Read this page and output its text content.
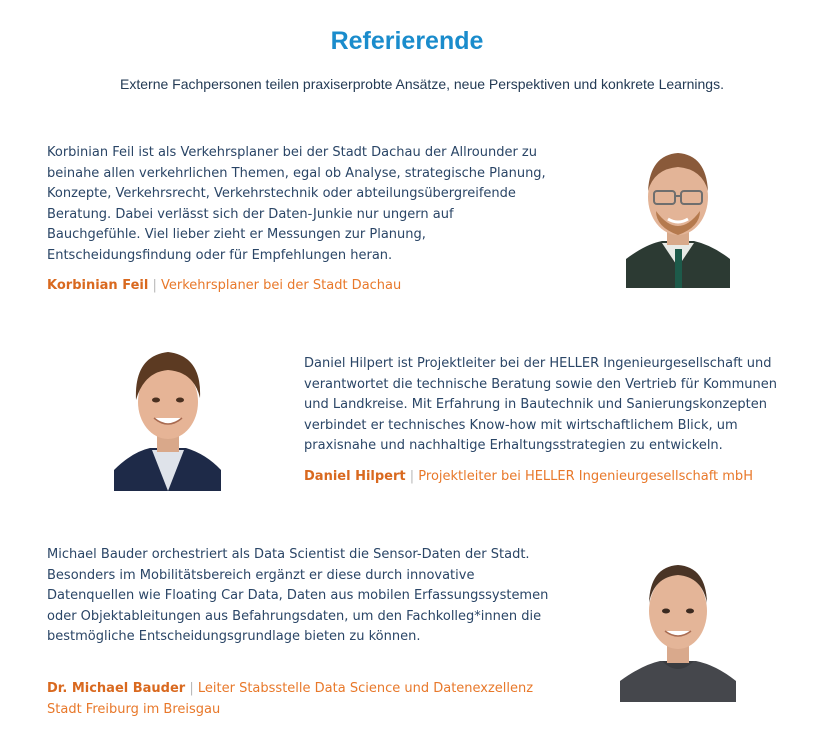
Referierende

Externe Fachpersonen teilen praxiserprobte Ansätze, neue Perspektiven und konkrete Learnings.

Korbinian Feil ist als Verkehrsplaner bei der Stadt Dachau der Allrounder zu beinahe allen verkehrlichen Themen, egal ob Analyse, strategische Planung, Konzepte, Verkehrsrecht, Verkehrstechnik oder abteilungsübergreifende Beratung. Dabei verlässt sich der Daten-Junkie nur ungern auf Bauchgefühle. Viel lieber zieht er Messungen zur Planung, Entscheidungsfindung oder für Empfehlungen heran.

Korbinian Feil | Verkehrsplaner bei der Stadt Dachau

Daniel Hilpert ist Projektleiter bei der HELLER Ingenieurgesellschaft und verantwortet die technische Beratung sowie den Vertrieb für Kommunen und Landkreise. Mit Erfahrung in Bautechnik und Sanierungskonzepten verbindet er technisches Know-how mit wirtschaftlichem Blick, um praxisnahe und nachhaltige Erhaltungsstrategien zu entwickeln.

Daniel Hilpert | Projektleiter bei HELLER Ingenieurgesellschaft mbH

Michael Bauder orchestriert als Data Scientist die Sensor-Daten der Stadt. Besonders im Mobilitätsbereich ergänzt er diese durch innovative Datenquellen wie Floating Car Data, Daten aus mobilen Erfassungssystemen oder Objektableitungen aus Befahrungsdaten, um den Fachkolleg*innen die bestmögliche Entscheidungsgrundlage bieten zu können.

Dr. Michael Bauder | Leiter Stabsstelle Data Science und Datenexzellenz
Stadt Freiburg im Breisgau
